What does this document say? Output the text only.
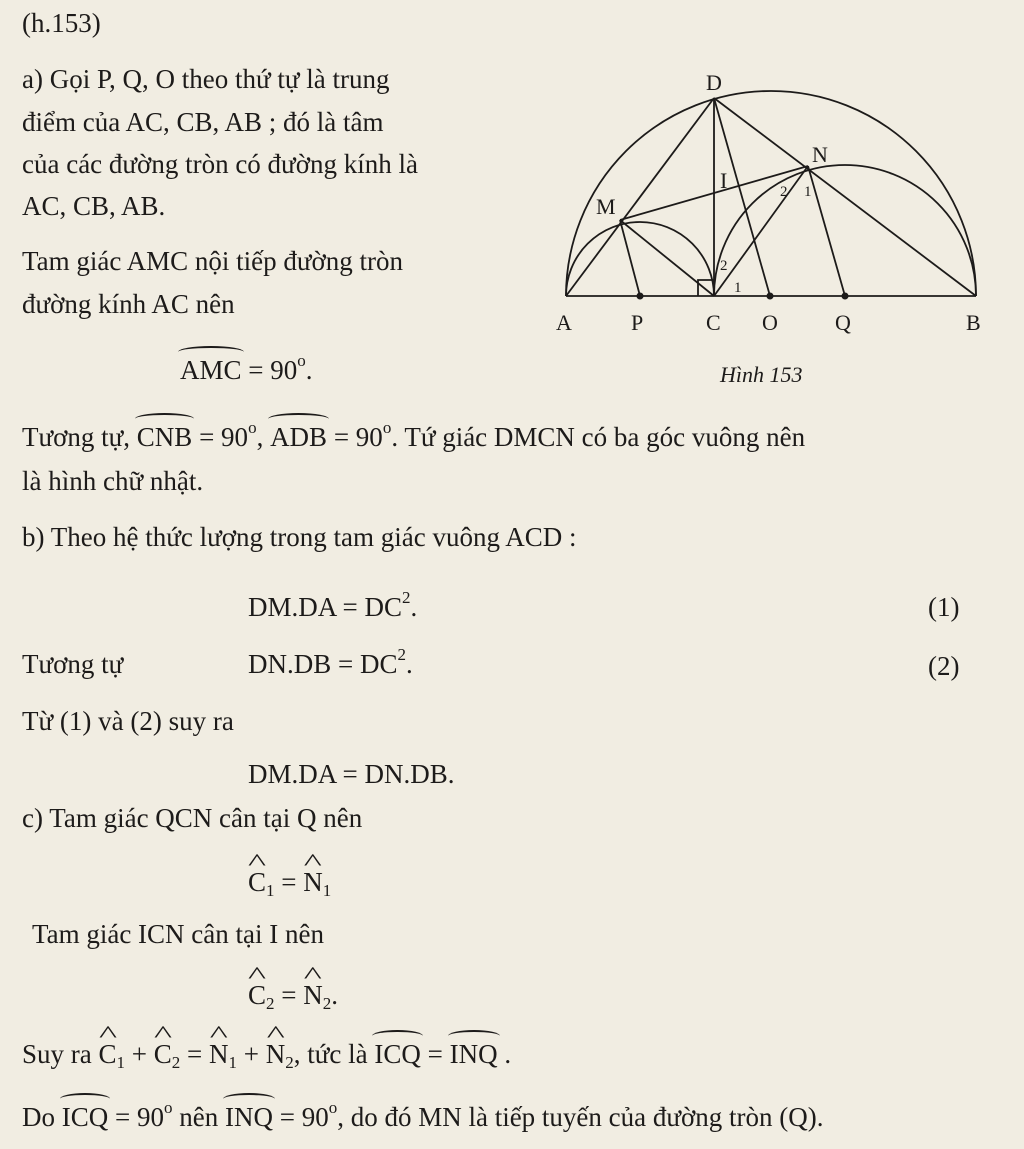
(h.153)
a) Gọi P, Q, O theo thứ tự là trung
điểm của AC, CB, AB ; đó là tâm
của các đường tròn có đường kính là
AC, CB, AB.
Tam giác AMC nội tiếp đường tròn
đường kính AC nên
AMC = $90^o$.	Hình 153
Tương tự, CNB = $90^o$, ADB = $90^o$. Tứ giác DMCN có ba góc vuông nên
là hình chữ nhật.
b) Theo hệ thức lượng trong tam giác vuông ACD :
$DM.DA = DC^2$.	(1)
Tương tự	$DN.DB = DC^2$.	(2)
Từ (1) và (2) suy ra
DM.DA = DN.DB.
c) Tam giác QCN cân tại Q nên
^ $C_1$ = ^ $N_1$
Tam giác ICN cân tại I nên
^ $C_2$ = ^ $N_2$.
Suy ra ^ $C_1$ + ^ $C_2$ = ^ $N_1$ + ^ $N_2$, tức là ICQ = INQ .
Do ICQ = $90^o$ nên INQ = $90^o$, do đó MN là tiếp tuyến của đường tròn (Q).
A	P	C O	Q	B
D
M
N
I	2 1
2
1
